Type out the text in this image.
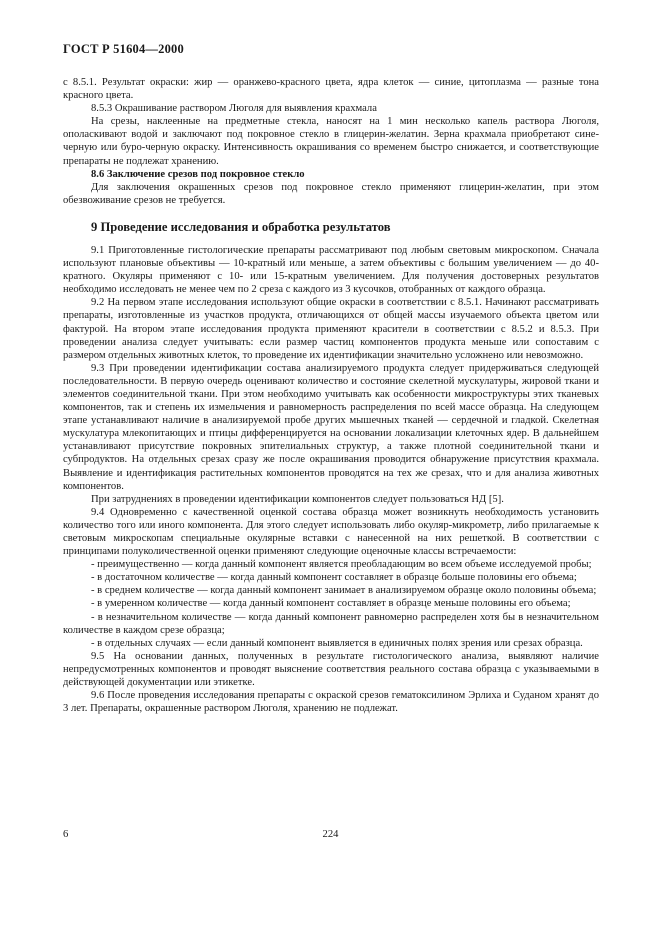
ГОСТ Р 51604—2000

с 8.5.1. Результат окраски: жир — оранжево-красного цвета, ядра клеток — синие, цитоплазма — разные тона красного цвета.

8.5.3 Окрашивание раствором Люголя для выявления крахмала

На срезы, наклеенные на предметные стекла, наносят на 1 мин несколько капель раствора Люголя, ополаскивают водой и заключают под покровное стекло в глицерин-желатин. Зерна крахмала приобретают сине-черную или буро-черную окраску. Интенсивность окрашивания со временем быстро снижается, и соответствующие препараты не подлежат хранению.

8.6 Заключение срезов под покровное стекло

Для заключения окрашенных срезов под покровное стекло применяют глицерин-желатин, при этом обезвоживание срезов не требуется.

9 Проведение исследования и обработка результатов

9.1 Приготовленные гистологические препараты рассматривают под любым световым микроскопом. Сначала используют плановые объективы — 10-кратный или меньше, а затем объективы с большим увеличением — до 40-кратного. Окуляры применяют с 10- или 15-кратным увеличением. Для получения достоверных результатов необходимо исследовать не менее чем по 2 среза с каждого из 3 кусочков, отобранных от каждого образца.

9.2 На первом этапе исследования используют общие окраски в соответствии с 8.5.1. Начинают рассматривать препараты, изготовленные из участков продукта, отличающихся от общей массы изучаемого объекта цветом или фактурой. На втором этапе исследования продукта применяют красители в соответствии с 8.5.2 и 8.5.3. При проведении анализа следует учитывать: если размер частиц компонентов продукта меньше или сопоставим с размером отдельных животных клеток, то проведение их идентификации значительно усложнено или невозможно.

9.3 При проведении идентификации состава анализируемого продукта следует придерживаться следующей последовательности. В первую очередь оценивают количество и состояние скелетной мускулатуры, жировой ткани и элементов соединительной ткани. При этом необходимо учитывать как особенности микроструктуры этих тканевых компонентов, так и степень их измельчения и равномерность распределения по всей массе образца. На следующем этапе устанавливают наличие в анализируемой пробе других мышечных тканей — сердечной и гладкой. Скелетная мускулатура млекопитающих и птицы дифференцируется на основании локализации клеточных ядер. В дальнейшем устанавливают присутствие покровных эпителиальных структур, а также плотной соединительной ткани и субпродуктов. На отдельных срезах сразу же после окрашивания проводится обнаружение присутствия крахмала. Выявление и идентификация растительных компонентов проводятся на тех же срезах, что и для анализа животных компонентов.

При затруднениях в проведении идентификации компонентов следует пользоваться НД [5].

9.4 Одновременно с качественной оценкой состава образца может возникнуть необходимость установить количество того или иного компонента. Для этого следует использовать либо окуляр-микрометр, либо прилагаемые к световым микроскопам специальные окулярные вставки с нанесенной на них решеткой. В соответствии с принципами полуколичественной оценки применяют следующие оценочные классы встречаемости:

- преимущественно — когда данный компонент является преобладающим во всем объеме исследуемой пробы;

- в достаточном количестве — когда данный компонент составляет в образце больше половины его объема;

- в среднем количестве — когда данный компонент занимает в анализируемом образце около половины объема;

- в умеренном количестве — когда данный компонент составляет в образце меньше половины его объема;

- в незначительном количестве — когда данный компонент равномерно распределен хотя бы в незначительном количестве в каждом срезе образца;

- в отдельных случаях — если данный компонент выявляется в единичных полях зрения или срезах образца.

9.5 На основании данных, полученных в результате гистологического анализа, выявляют наличие непредусмотренных компонентов и проводят выяснение соответствия реального состава образца с указываемыми в действующей документации или этикетке.

9.6 После проведения исследования препараты с окраской срезов гематоксилином Эрлиха и Суданом хранят до 3 лет. Препараты, окрашенные раствором Люголя, хранению не подлежат.

6	224
